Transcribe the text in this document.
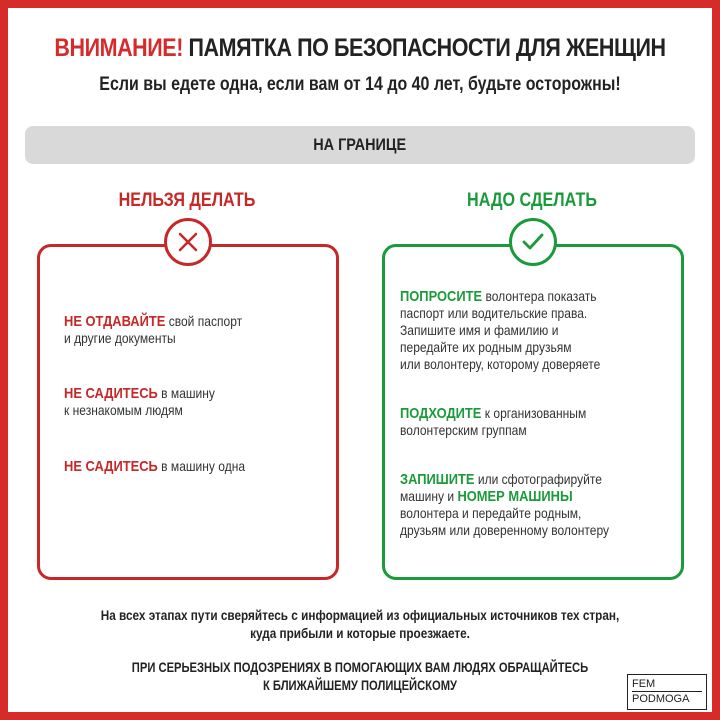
ВНИМАНИЕ! ПАМЯТКА ПО БЕЗОПАСНОСТИ ДЛЯ ЖЕНЩИН
Если вы едете одна, если вам от 14 до 40 лет, будьте осторожны!
НА ГРАНИЦЕ
НЕЛЬЗЯ ДЕЛАТЬ	НАДО СДЕЛАТЬ
НЕ ОТДАВАЙТЕ свой паспорт
и другие документы
НЕ САДИТЕСЬ в машину
к незнакомым людям
НЕ САДИТЕСЬ в машину одна
ПОПРОСИТЕ волонтера показать
паспорт или водительские права.
Запишите имя и фамилию и
передайте их родным друзьям
или волонтеру, которому доверяете
ПОДХОДИТЕ к организованным
волонтерским группам
ЗАПИШИТЕ или сфотографируйте
машину и НОМЕР МАШИНЫ
волонтера и передайте родным,
друзьям или доверенному волонтеру
На всех этапах пути сверяйтесь с информацией из официальных источников тех стран,
куда прибыли и которые проезжаете.
ПРИ СЕРЬЕЗНЫХ ПОДОЗРЕНИЯХ В ПОМОГАЮЩИХ ВАМ ЛЮДЯХ ОБРАЩАЙТЕСЬ
К БЛИЖАЙШЕМУ ПОЛИЦЕЙСКОМУ	FEM
PODMOGA
